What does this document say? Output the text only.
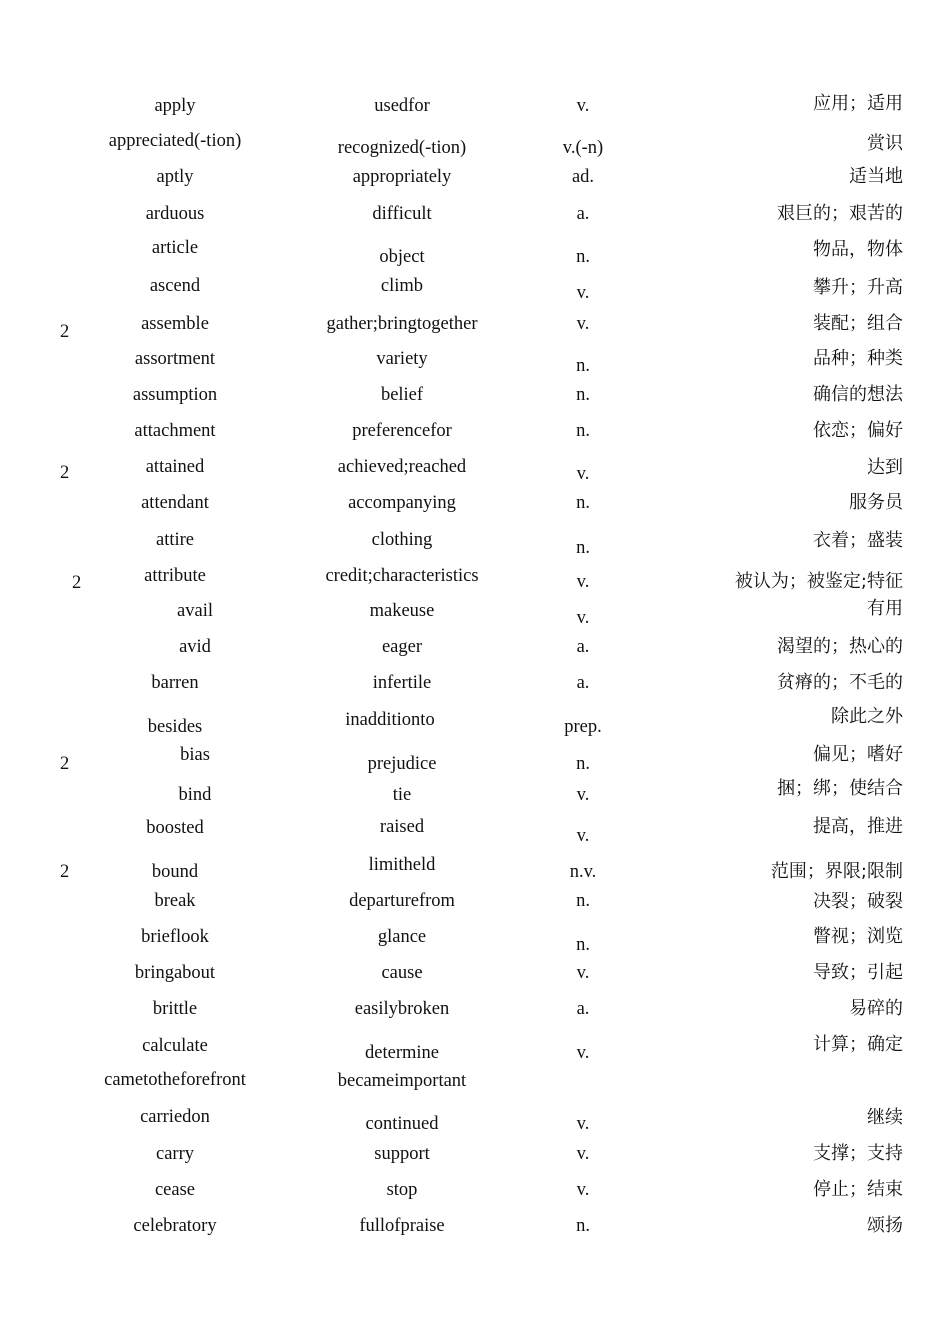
apply	usedfor	v.	应用；适用
appreciated(-tion)	recognized(-tion)	v.(-n)	赏识
aptly	appropriately	ad.	适当地
arduous	difficult	a.	艰巨的；艰苦的
article	object	n.	物品，物体
ascend	climb	v.	攀升；升高
2	assemble	gather;bringtogether	v.	装配；组合
assortment	variety	n.	品种；种类
assumption	belief	n.	确信的想法
attachment	preferencefor	n.	依恋；偏好
2	attained	achieved;reached	v.	达到
attendant	accompanying	n.	服务员
attire	clothing	n.	衣着；盛装
2	attribute	credit;characteristics	v.	被认为；被鉴定;特征
avail	makeuse	v.	有用
avid	eager	a.	渴望的；热心的
barren	infertile	a.	贫瘠的；不毛的
besides	inadditionto	prep.	除此之外
2	bias	prejudice	n.	偏见；嗜好
bind	tie	v.	捆；绑；使结合
boosted	raised	v.	提高，推进
2	bound	limitheld	n.v.	范围；界限;限制
break	departurefrom	n.	决裂；破裂
brieflook	glance	n.	瞥视；浏览
bringabout	cause	v.	导致；引起
brittle	easilybroken	a.	易碎的
calculate	determine	v.	计算；确定
cametotheforefront	becameimportant
carriedon	continued	v.	继续
carry	support	v.	支撑；支持
cease	stop	v.	停止；结束
celebratory	fullofpraise	n.	颂扬
